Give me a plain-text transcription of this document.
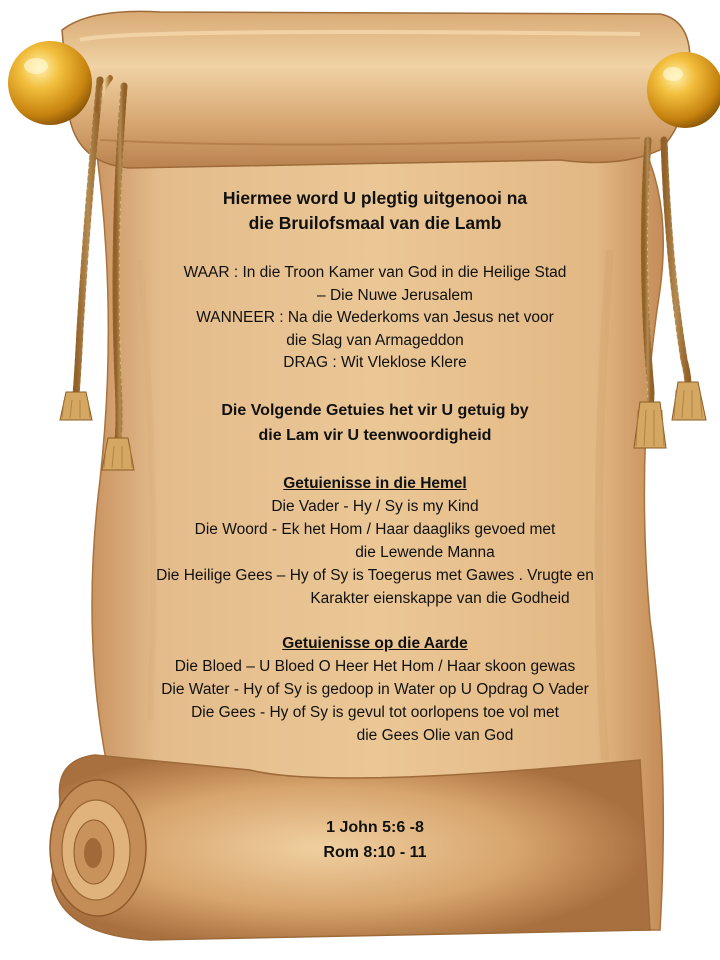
Hiermee word U plegtig uitgenooi na
die Bruilofsmaal van die Lamb
WAAR : In die Troon Kamer van God in die Heilige Stad
– Die Nuwe Jerusalem
WANNEER : Na die Wederkoms van Jesus net voor
die Slag van Armageddon
DRAG : Wit Vleklose Klere
Die Volgende Getuies het vir U getuig by
die Lam vir U teenwoordigheid
Getuienisse in die Hemel
Die Vader - Hy / Sy is my Kind
Die Woord - Ek het Hom / Haar daagliks gevoed met
die Lewende Manna
Die Heilige Gees – Hy of Sy is Toegerus met Gawes . Vrugte en
Karakter eienskappe van die Godheid
Getuienisse op die Aarde
Die Bloed – U Bloed O Heer Het Hom / Haar skoon gewas
Die Water - Hy of Sy is gedoop in Water op U Opdrag O Vader
Die Gees - Hy of Sy is gevul tot oorlopens toe vol met
die Gees Olie van God
1 John 5:6 -8
Rom 8:10 - 11
